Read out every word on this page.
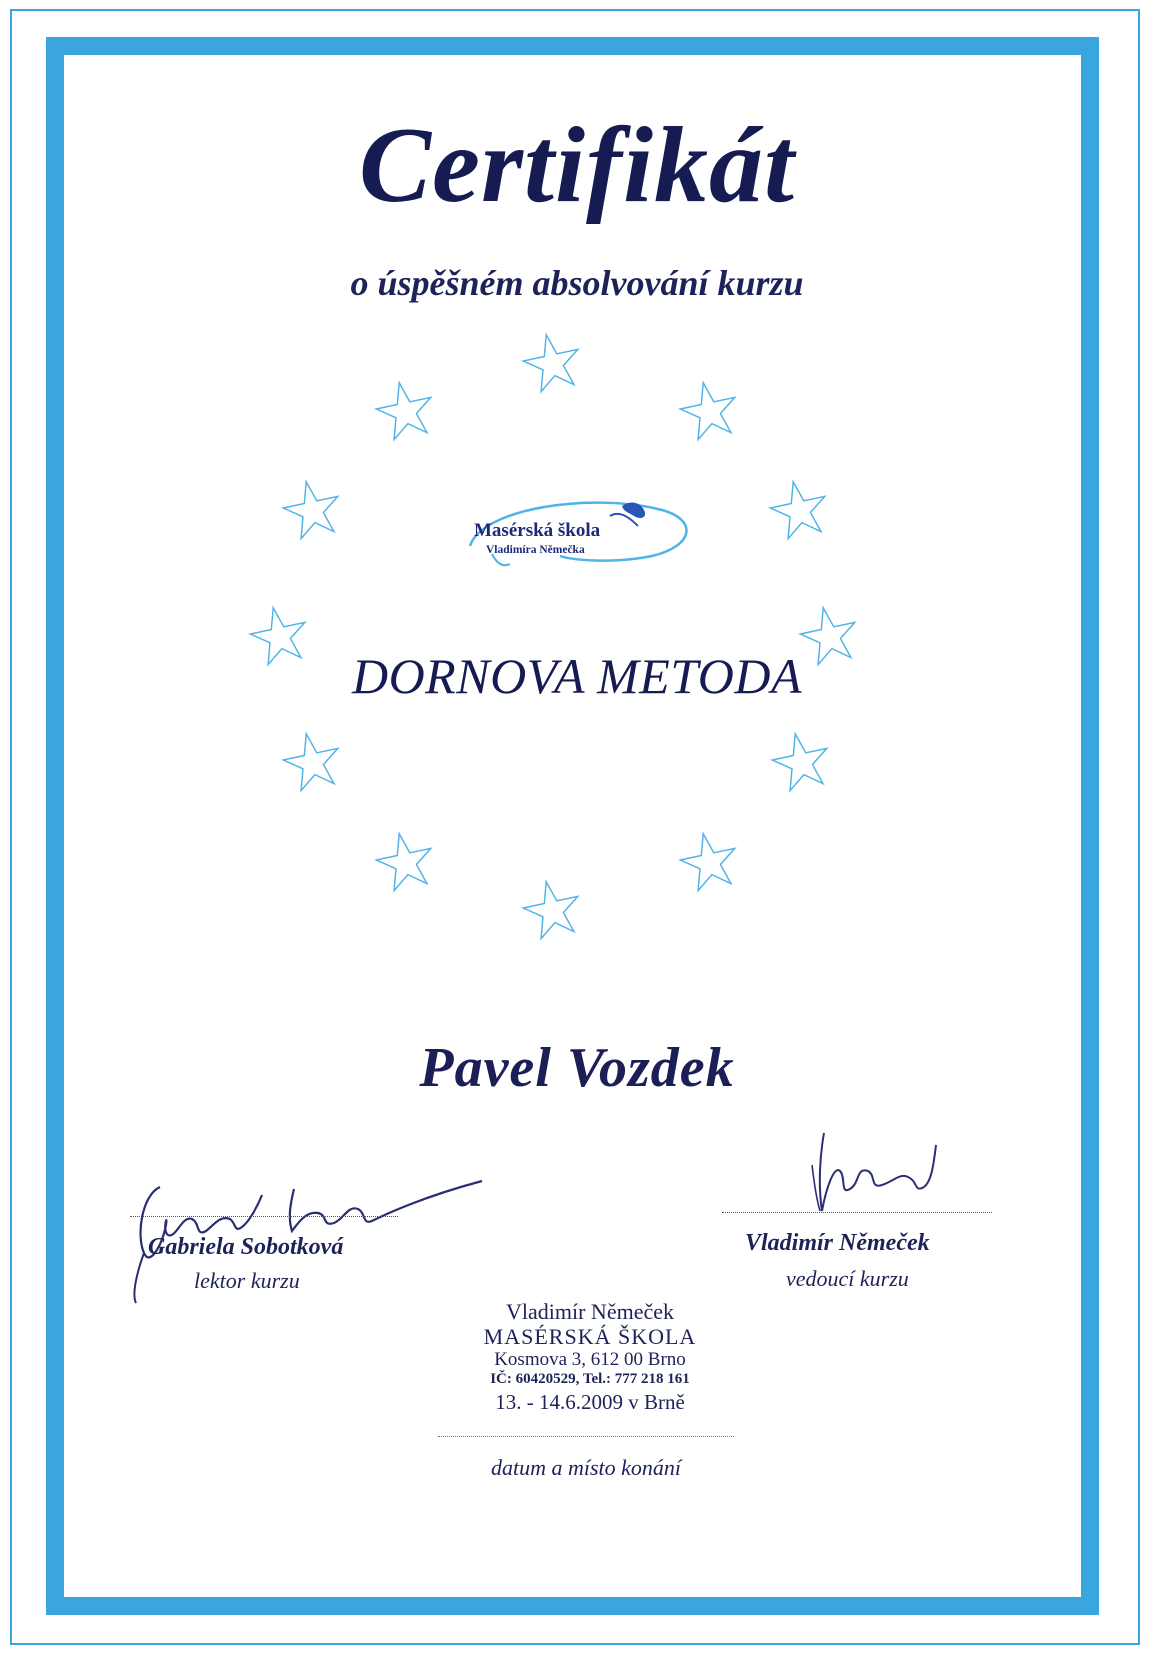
Certifikát
o úspěšném absolvování kurzu
Masérská škola
Vladimíra Němečka
DORNOVA METODA
Pavel Vozdek
Gabriela Sobotková
lektor kurzu
Vladimír Němeček
vedoucí kurzu
Vladimír Němeček
MASÉRSKÁ ŠKOLA
Kosmova 3, 612 00 Brno
IČ: 60420529, Tel.: 777 218 161
13. - 14.6.2009 v Brně
datum a místo konání
